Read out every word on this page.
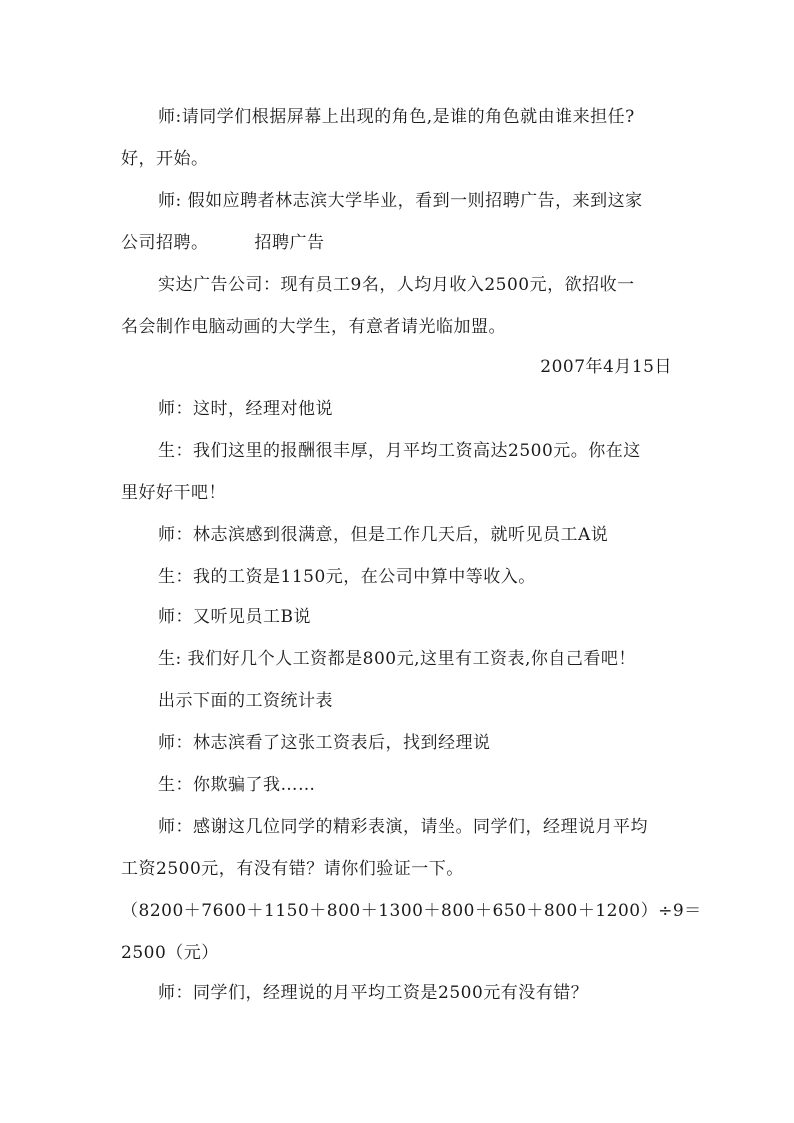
师:请同学们根据屏幕上出现的角色,是谁的角色就由谁来担任?
好，开始。
师: 假如应聘者林志滨大学毕业，看到一则招聘广告，来到这家
公司招聘。	招聘广告
实达广告公司：现有员工9名，人均月收入2500元，欲招收一
名会制作电脑动画的大学生，有意者请光临加盟。
2007年4月15日
师：这时，经理对他说
生：我们这里的报酬很丰厚，月平均工资高达2500元。你在这
里好好干吧！
师：林志滨感到很满意，但是工作几天后，就听见员工A说
生：我的工资是1150元，在公司中算中等收入。
师：又听见员工B说
生: 我们好几个人工资都是800元,这里有工资表,你自己看吧！
出示下面的工资统计表
师：林志滨看了这张工资表后，找到经理说
生：你欺骗了我……
师：感谢这几位同学的精彩表演，请坐。同学们，经理说月平均
工资2500元，有没有错？请你们验证一下。
（8200＋7600＋1150＋800＋1300＋800＋650＋800＋1200）÷9＝
2500（元）
师：同学们，经理说的月平均工资是2500元有没有错？
